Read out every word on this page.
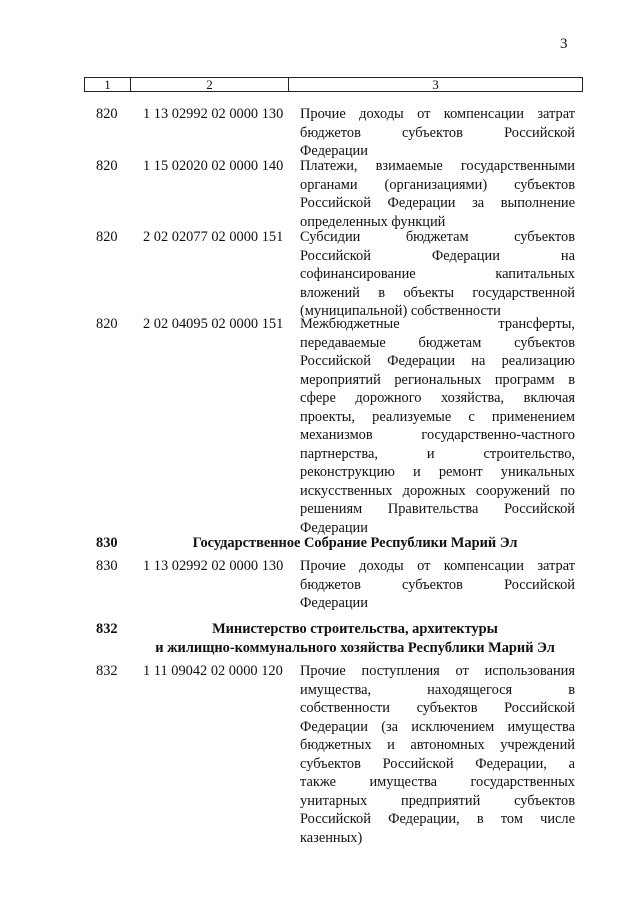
3
1	2	3
820 1 13 02992 02 0000 130 Прочие доходы от компенсации затрат
бюджетов субъектов Российской
Федерации
820 1 15 02020 02 0000 140 Платежи, взимаемые государственными
органами (организациями) субъектов
Российской Федерации за выполнение
определенных функций
820 2 02 02077 02 0000 151 Субсидии бюджетам субъектов
Российской Федерации на
софинансирование капитальных
вложений в объекты государственной
(муниципальной) собственности
820 2 02 04095 02 0000 151 Межбюджетные трансферты,
передаваемые бюджетам субъектов
Российской Федерации на реализацию
мероприятий региональных программ в
сфере дорожного хозяйства, включая
проекты, реализуемые с применением
механизмов государственно-частного
партнерства, и строительство,
реконструкцию и ремонт уникальных
искусственных дорожных сооружений по
решениям Правительства Российской
Федерации
830	Государственное Собрание Республики Марий Эл
830 1 13 02992 02 0000 130 Прочие доходы от компенсации затрат
бюджетов субъектов Российской
Федерации
832	Министерство строительства, архитектуры
и жилищно-коммунального хозяйства Республики Марий Эл
832 1 11 09042 02 0000 120 Прочие поступления от использования
имущества, находящегося в
собственности субъектов Российской
Федерации (за исключением имущества
бюджетных и автономных учреждений
субъектов Российской Федерации, а
также имущества государственных
унитарных предприятий субъектов
Российской Федерации, в том числе
казенных)
